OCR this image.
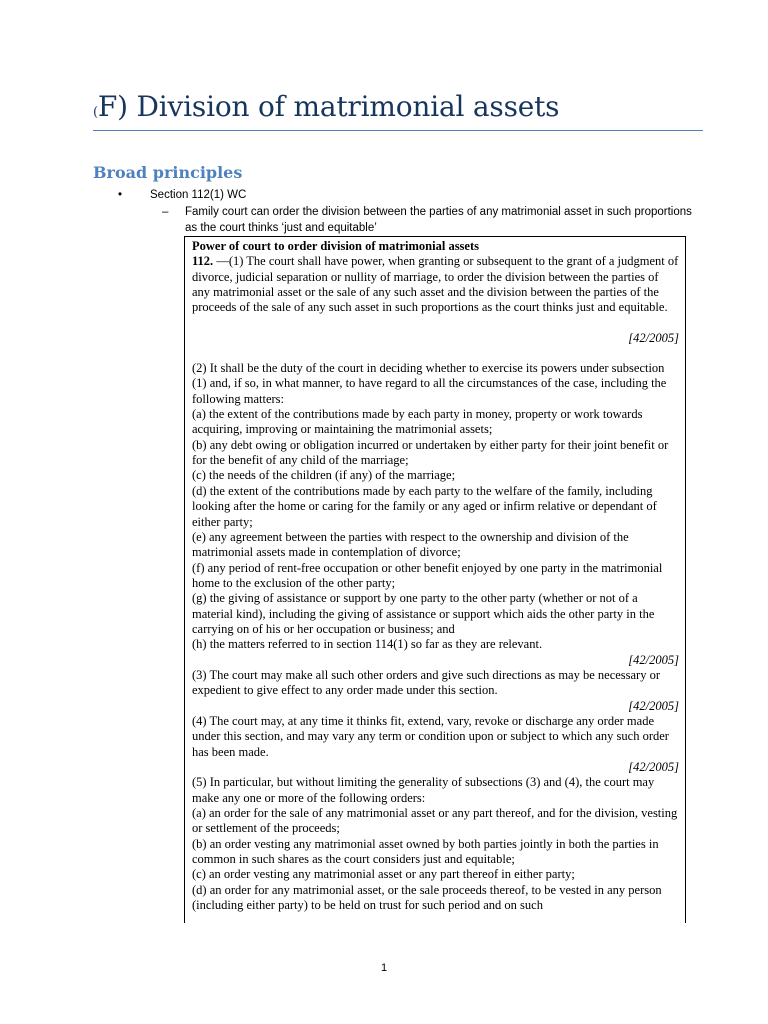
(F) Division of matrimonial assets
Broad principles
•	Section 112(1) WC
–	Family court can order the division between the parties of any matrimonial asset in such proportions as the court thinks ‘just and equitable’

Power of court to order division of matrimonial assets

112. —(1) The court shall have power, when granting or subsequent to the grant of a judgment of divorce, judicial separation or nullity of marriage, to order the division between the parties of any matrimonial asset or the sale of any such asset and the division between the parties of the proceeds of the sale of any such asset in such proportions as the court thinks just and equitable.

[42/2005]

(2) It shall be the duty of the court in deciding whether to exercise its powers under subsection (1) and, if so, in what manner, to have regard to all the circumstances of the case, including the following matters:

(a) the extent of the contributions made by each party in money, property or work towards acquiring, improving or maintaining the matrimonial assets;

(b) any debt owing or obligation incurred or undertaken by either party for their joint benefit or for the benefit of any child of the marriage;

(c) the needs of the children (if any) of the marriage;

(d) the extent of the contributions made by each party to the welfare of the family, including looking after the home or caring for the family or any aged or infirm relative or dependant of either party;

(e) any agreement between the parties with respect to the ownership and division of the matrimonial assets made in contemplation of divorce;

(f) any period of rent-free occupation or other benefit enjoyed by one party in the matrimonial home to the exclusion of the other party;

(g) the giving of assistance or support by one party to the other party (whether or not of a material kind), including the giving of assistance or support which aids the other party in the carrying on of his or her occupation or business; and

(h) the matters referred to in section 114(1) so far as they are relevant.

[42/2005]

(3) The court may make all such other orders and give such directions as may be necessary or expedient to give effect to any order made under this section.

[42/2005]

(4) The court may, at any time it thinks fit, extend, vary, revoke or discharge any order made under this section, and may vary any term or condition upon or subject to which any such order has been made.

[42/2005]

(5) In particular, but without limiting the generality of subsections (3) and (4), the court may make any one or more of the following orders:

(a) an order for the sale of any matrimonial asset or any part thereof, and for the division, vesting or settlement of the proceeds;

(b) an order vesting any matrimonial asset owned by both parties jointly in both the parties in common in such shares as the court considers just and equitable;

(c) an order vesting any matrimonial asset or any part thereof in either party;

(d) an order for any matrimonial asset, or the sale proceeds thereof, to be vested in any person (including either party) to be held on trust for such period and on such

1
